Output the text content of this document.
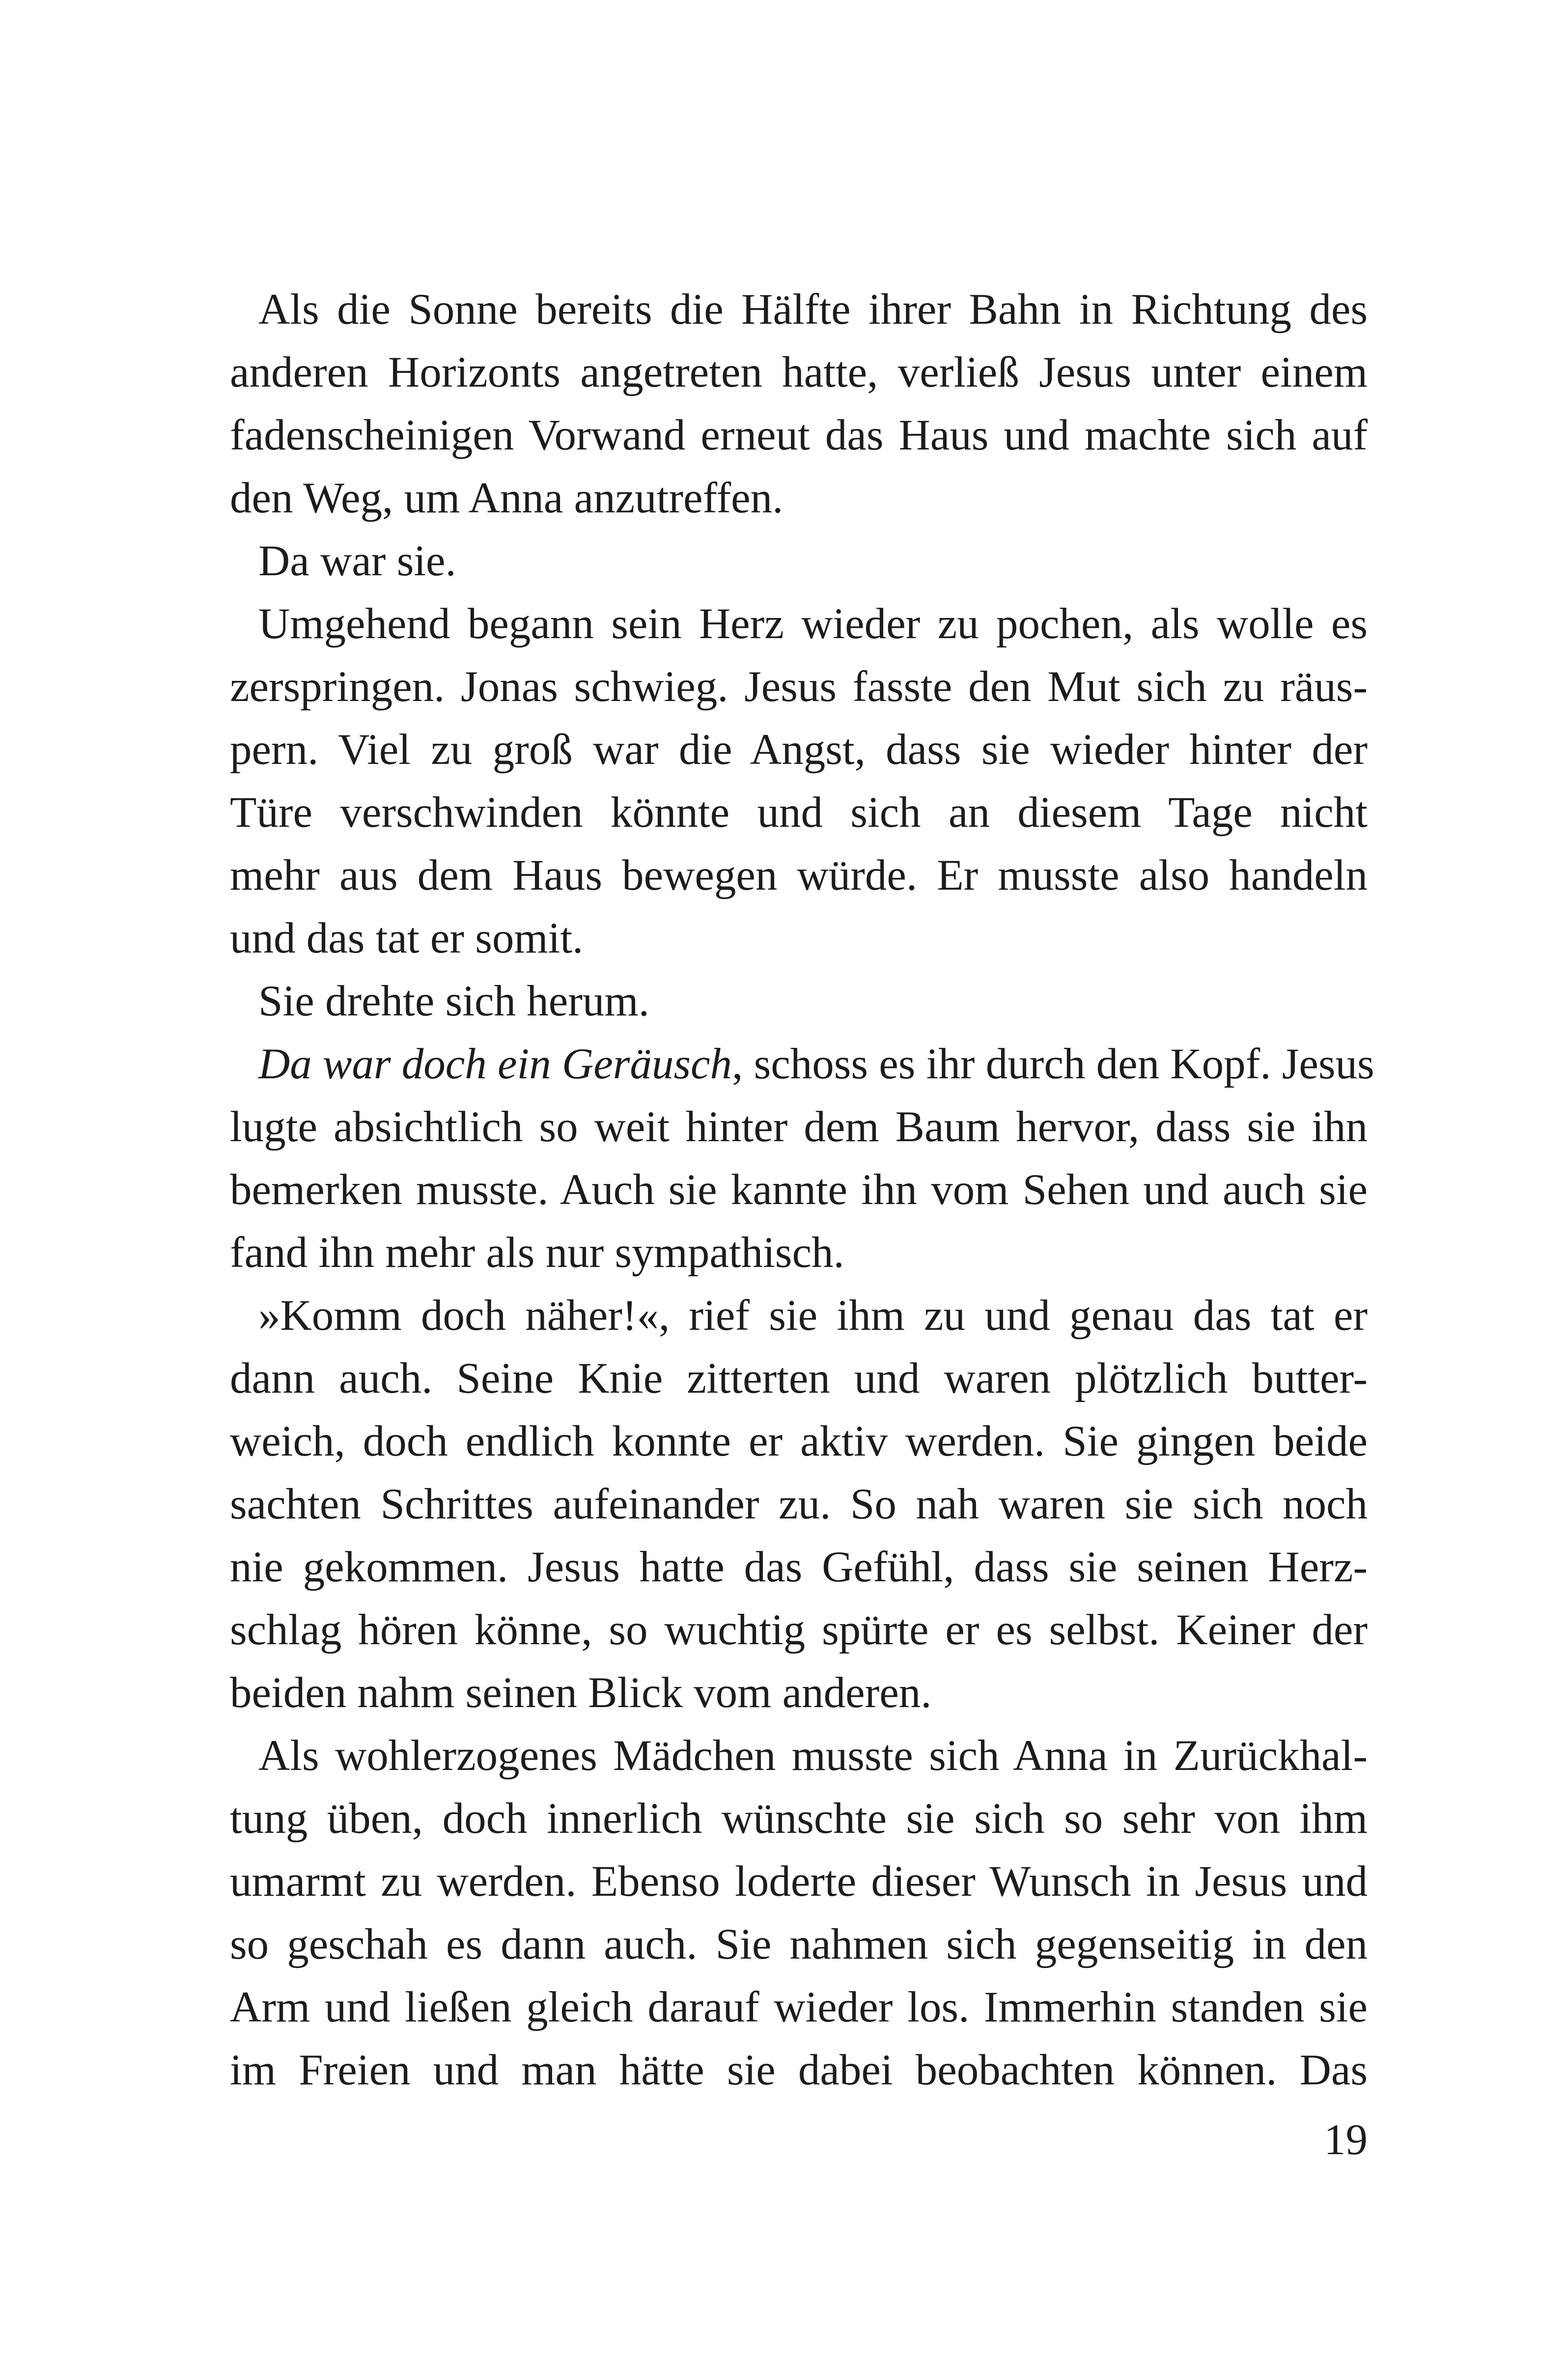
Als die Sonne bereits die Hälfte ihrer Bahn in Richtung des
anderen Horizonts angetreten hatte, verließ Jesus unter einem
fadenscheinigen Vorwand erneut das Haus und machte sich auf
den Weg, um Anna anzutreffen.
Da war sie.
Umgehend begann sein Herz wieder zu pochen, als wolle es
zerspringen. Jonas schwieg. Jesus fasste den Mut sich zu räus-
pern. Viel zu groß war die Angst, dass sie wieder hinter der
Türe verschwinden könnte und sich an diesem Tage nicht
mehr aus dem Haus bewegen würde. Er musste also handeln
und das tat er somit.
Sie drehte sich herum.
Da war doch ein Geräusch, schoss es ihr durch den Kopf. Jesus
lugte absichtlich so weit hinter dem Baum hervor, dass sie ihn
bemerken musste. Auch sie kannte ihn vom Sehen und auch sie
fand ihn mehr als nur sympathisch.
»Komm doch näher!«, rief sie ihm zu und genau das tat er
dann auch. Seine Knie zitterten und waren plötzlich butter-
weich, doch endlich konnte er aktiv werden. Sie gingen beide
sachten Schrittes aufeinander zu. So nah waren sie sich noch
nie gekommen. Jesus hatte das Gefühl, dass sie seinen Herz-
schlag hören könne, so wuchtig spürte er es selbst. Keiner der
beiden nahm seinen Blick vom anderen.
Als wohlerzogenes Mädchen musste sich Anna in Zurückhal-
tung üben, doch innerlich wünschte sie sich so sehr von ihm
umarmt zu werden. Ebenso loderte dieser Wunsch in Jesus und
so geschah es dann auch. Sie nahmen sich gegenseitig in den
Arm und ließen gleich darauf wieder los. Immerhin standen sie
im Freien und man hätte sie dabei beobachten können. Das
19
